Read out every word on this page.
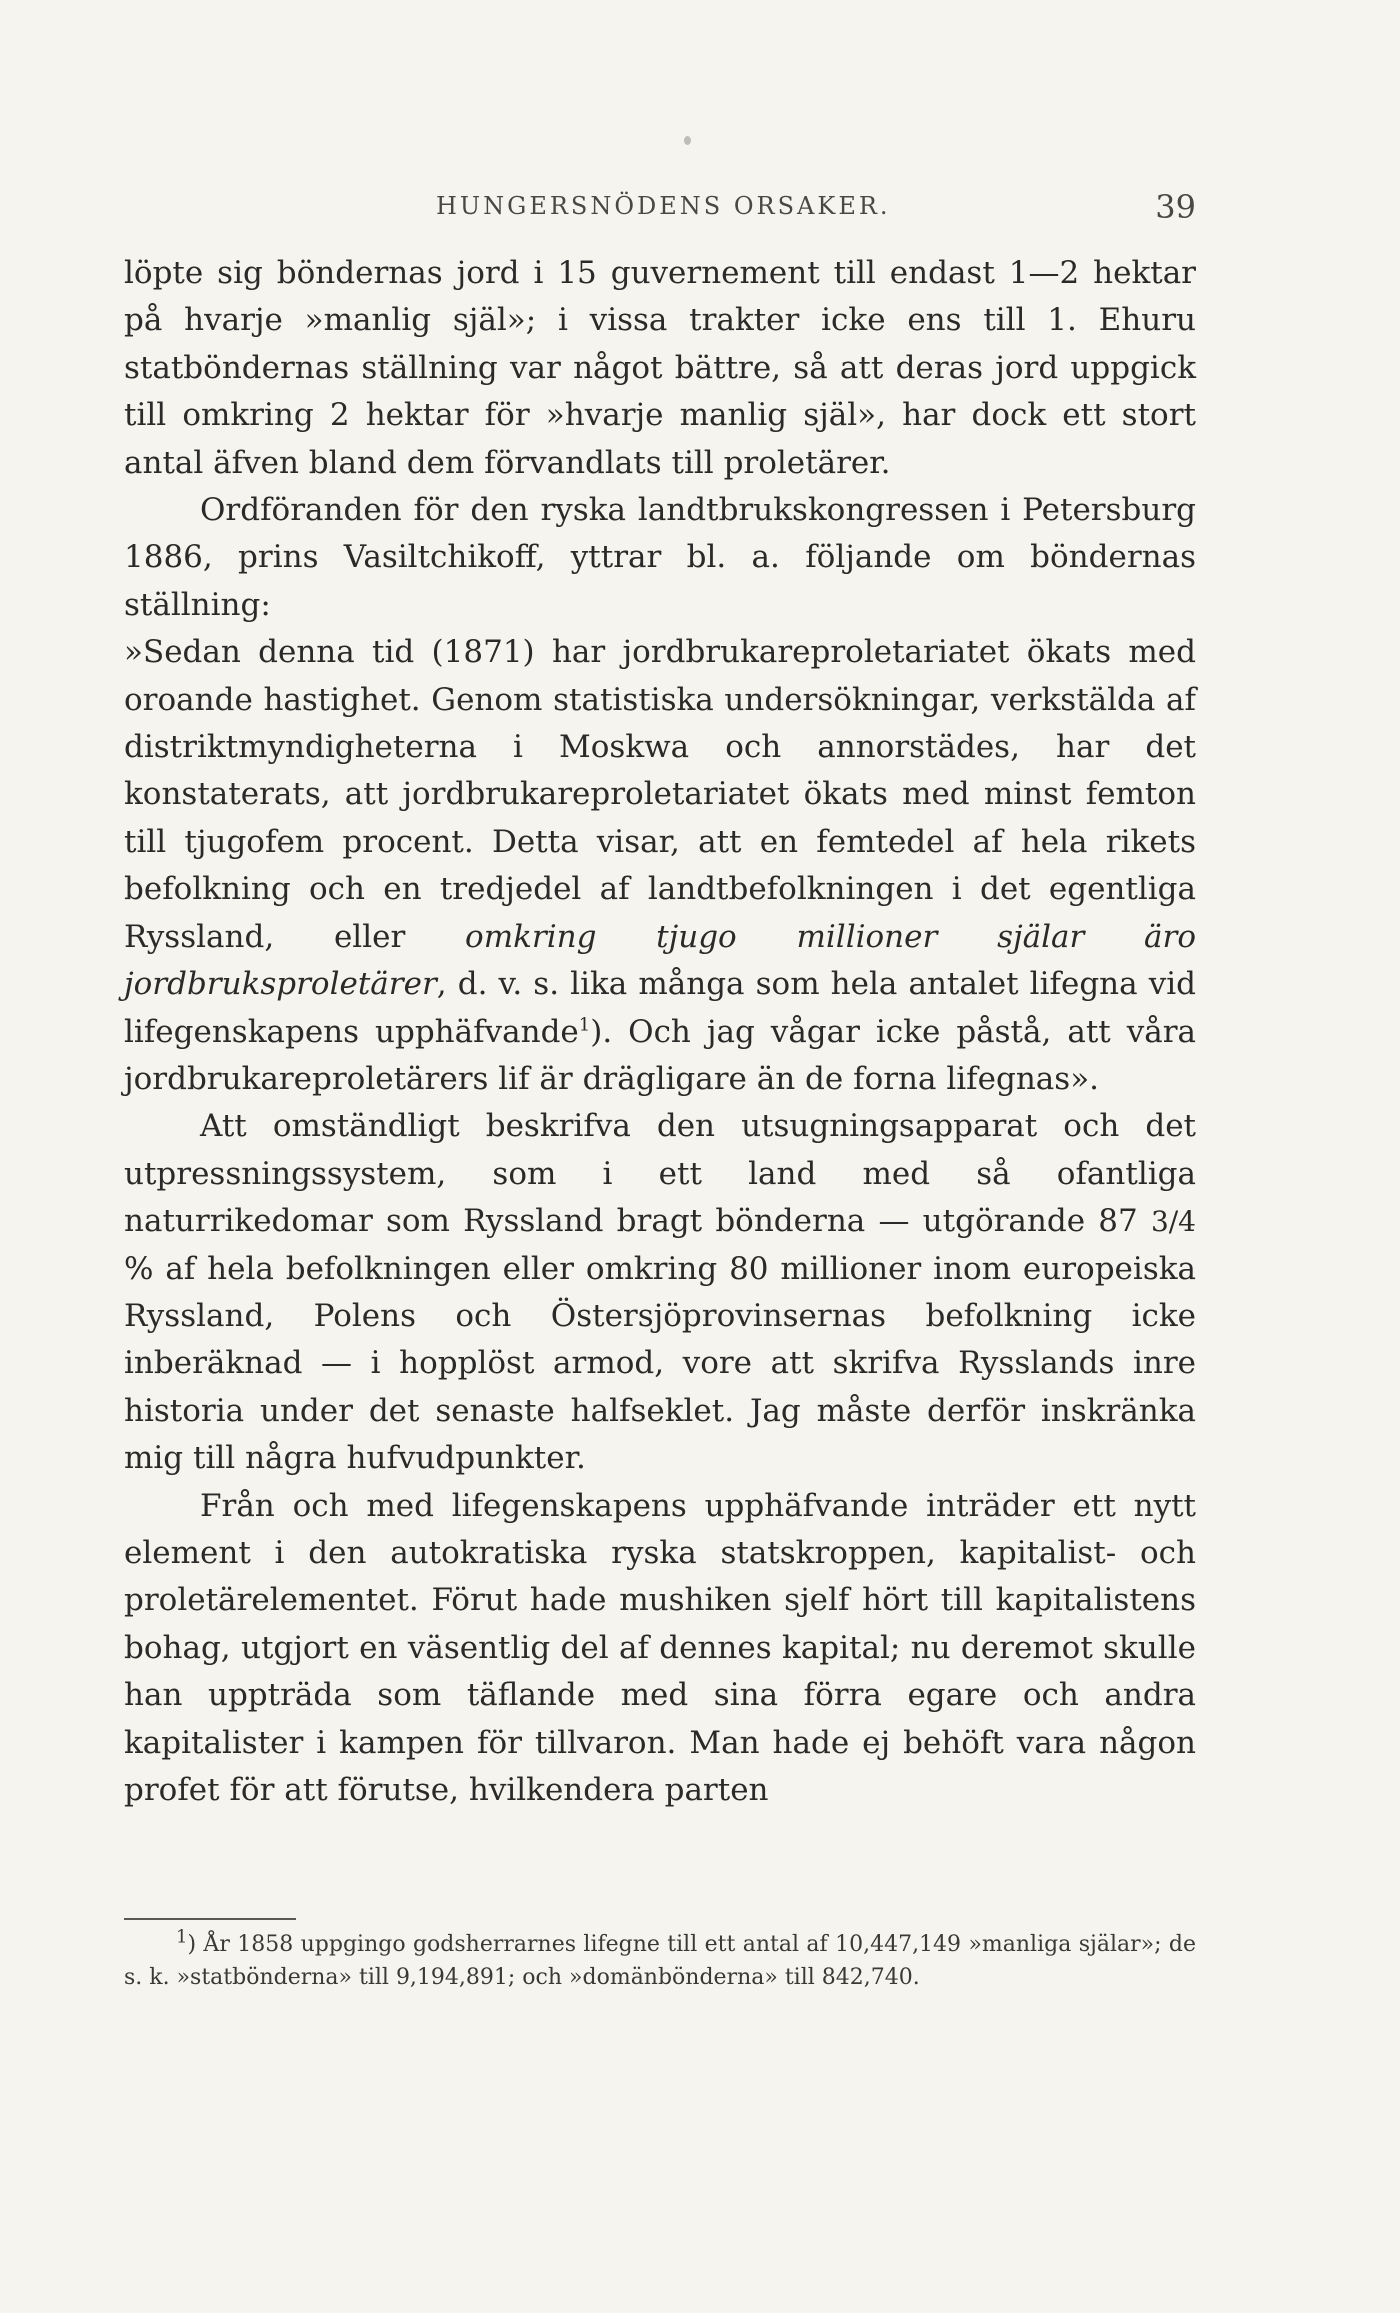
HUNGERSNÖDENS ORSAKER.	39

löpte sig böndernas jord i 15 guvernement till endast 1—2 hektar på hvarje »manlig själ»; i vissa trakter icke ens till 1. Ehuru statböndernas ställning var något bättre, så att deras jord uppgick till omkring 2 hektar för »hvarje manlig själ», har dock ett stort antal äfven bland dem förvandlats till proletärer.

Ordföranden för den ryska landtbrukskongressen i Petersburg 1886, prins Vasiltchikoff, yttrar bl. a. följande om böndernas ställning:

»Sedan denna tid (1871) har jordbrukareproletariatet ökats med oroande hastighet. Genom statistiska undersökningar, verkstälda af distriktmyndigheterna i Moskwa och annorstädes, har det konstaterats, att jordbrukareproletariatet ökats med minst femton till tjugofem procent. Detta visar, att en femtedel af hela rikets befolkning och en tredjedel af landtbefolkningen i det egentliga Ryssland, eller omkring tjugo millioner själar äro jordbruksproletärer, d. v. s. lika många som hela antalet lifegna vid lifegenskapens upphäfvande$^1$). Och jag vågar icke påstå, att våra jordbrukareproletärers lif är drägligare än de forna lifegnas».

Att omständligt beskrifva den utsugningsapparat och det utpressningssystem, som i ett land med så ofantliga naturrikedomar som Ryssland bragt bönderna — utgörande 87 3/4 % af hela befolkningen eller omkring 80 millioner inom europeiska Ryssland, Polens och Östersjöprovinsernas befolkning icke inberäknad — i hopplöst armod, vore att skrifva Rysslands inre historia under det senaste halfseklet. Jag måste derför inskränka mig till några hufvudpunkter.

Från och med lifegenskapens upphäfvande inträder ett nytt element i den autokratiska ryska statskroppen, kapitalist- och proletärelementet. Förut hade mushiken sjelf hört till kapitalistens bohag, utgjort en väsentlig del af dennes kapital; nu deremot skulle han uppträda som täflande med sina förra egare och andra kapitalister i kampen för tillvaron. Man hade ej behöft vara någon profet för att förutse, hvilkendera parten

$^1$) År 1858 uppgingo godsherrarnes lifegne till ett antal af 10,447,149 »manliga själar»; de s. k. »statbönderna» till 9,194,891; och »domänbönderna» till 842,740.
